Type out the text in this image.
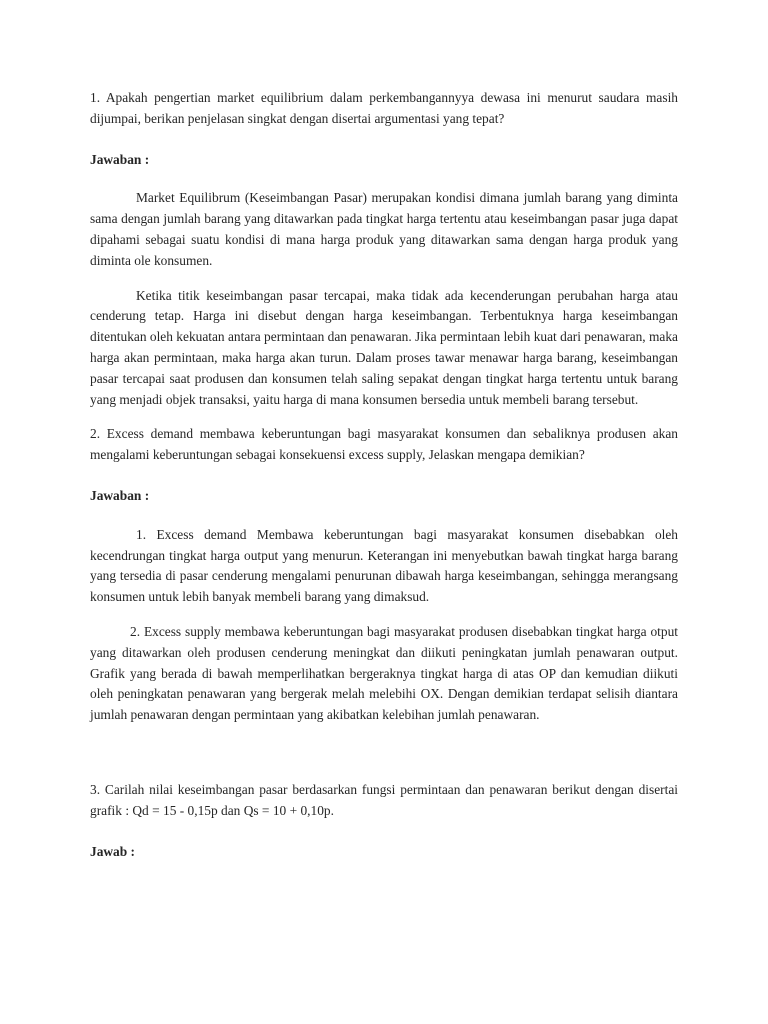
1. Apakah pengertian market equilibrium dalam perkembangannyya dewasa ini menurut saudara masih dijumpai, berikan penjelasan singkat dengan disertai argumentasi yang tepat?

Jawaban :

Market Equilibrum (Keseimbangan Pasar) merupakan kondisi dimana jumlah barang yang diminta sama dengan jumlah barang yang ditawarkan pada tingkat harga tertentu atau keseimbangan pasar juga dapat dipahami sebagai suatu kondisi di mana harga produk yang ditawarkan sama dengan harga produk yang diminta ole konsumen.

Ketika titik keseimbangan pasar tercapai, maka tidak ada kecenderungan perubahan harga atau cenderung tetap. Harga ini disebut dengan harga keseimbangan. Terbentuknya harga keseimbangan ditentukan oleh kekuatan antara permintaan dan penawaran. Jika permintaan lebih kuat dari penawaran, maka harga akan permintaan, maka harga akan turun. Dalam proses tawar menawar harga barang, keseimbangan pasar tercapai saat produsen dan konsumen telah saling sepakat dengan tingkat harga tertentu untuk barang yang menjadi objek transaksi, yaitu harga di mana konsumen bersedia untuk membeli barang tersebut.

2. Excess demand membawa keberuntungan bagi masyarakat konsumen dan sebaliknya produsen akan mengalami keberuntungan sebagai konsekuensi excess supply, Jelaskan mengapa demikian?

Jawaban :

1. Excess demand Membawa keberuntungan bagi masyarakat konsumen disebabkan oleh kecendrungan tingkat harga output yang menurun. Keterangan ini menyebutkan bawah tingkat harga barang yang tersedia di pasar cenderung mengalami penurunan dibawah harga keseimbangan, sehingga merangsang konsumen untuk lebih banyak membeli barang yang dimaksud.

2. Excess supply membawa keberuntungan bagi masyarakat produsen disebabkan tingkat harga otput yang ditawarkan oleh produsen cenderung meningkat dan diikuti peningkatan jumlah penawaran output. Grafik yang berada di bawah memperlihatkan bergeraknya tingkat harga di atas OP dan kemudian diikuti oleh peningkatan penawaran yang bergerak melah melebihi OX. Dengan demikian terdapat selisih diantara jumlah penawaran dengan permintaan yang akibatkan kelebihan jumlah penawaran.

3. Carilah nilai keseimbangan pasar berdasarkan fungsi permintaan dan penawaran berikut dengan disertai grafik : Qd = 15 - 0,15p dan Qs = 10 + 0,10p.

Jawab :
